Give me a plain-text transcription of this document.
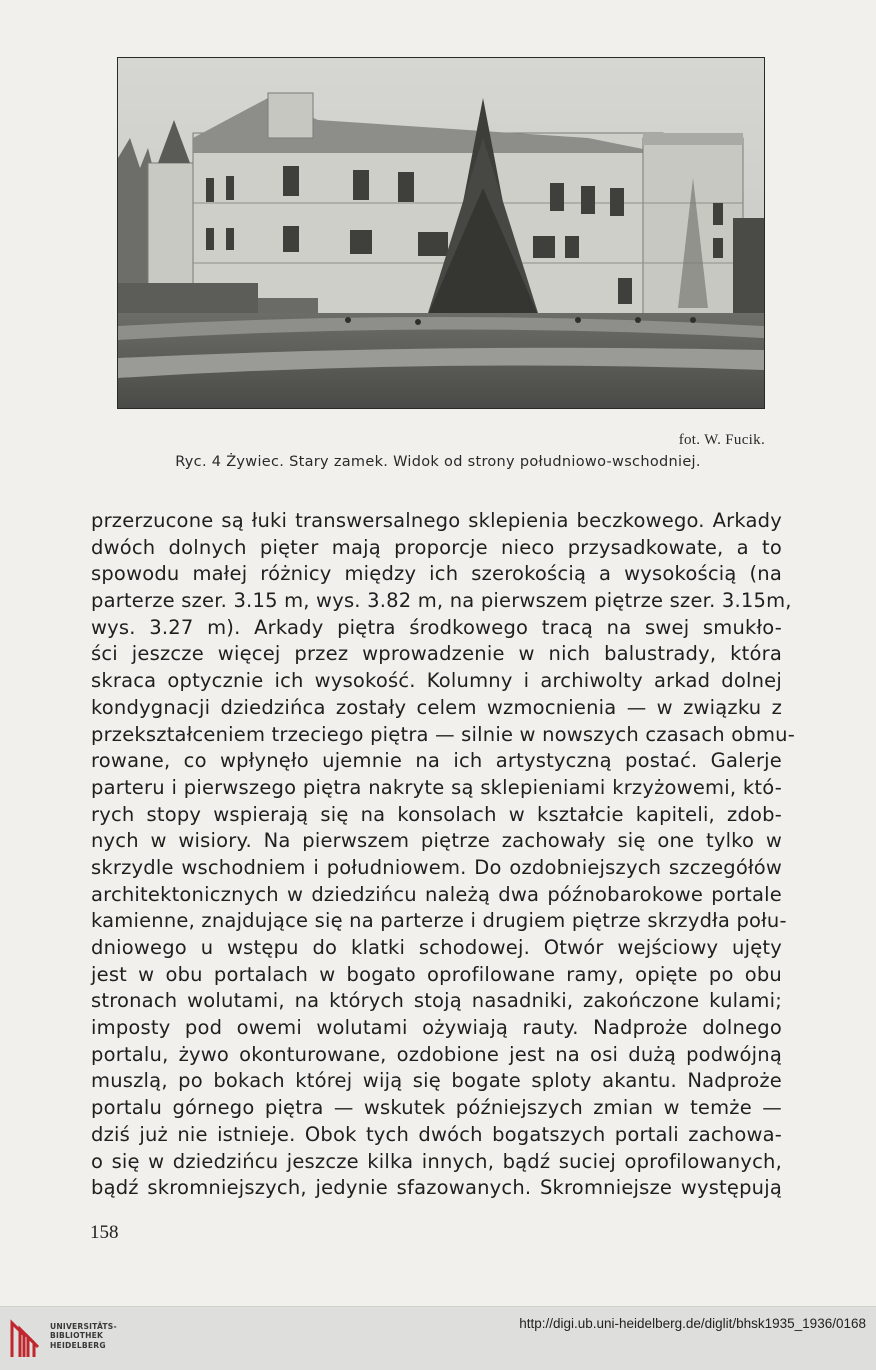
fot. W. Fucik.
Ryc. 4 Żywiec. Stary zamek. Widok od strony południowo-wschodniej.
przerzucone są łuki transwersalnego sklepienia beczkowego. Arkady
dwóch dolnych pięter mają proporcje nieco przysadkowate, a to
spowodu małej różnicy między ich szerokością a wysokością (na
parterze szer. 3.15 m, wys. 3.82 m, na pierwszem piętrze szer. 3.15m,
wys. 3.27 m). Arkady piętra środkowego tracą na swej smukło-
ści jeszcze więcej przez wprowadzenie w nich balustrady, która
skraca optycznie ich wysokość. Kolumny i archiwolty arkad dolnej
kondygnacji dziedzińca zostały celem wzmocnienia — w związku z
przekształceniem trzeciego piętra — silnie w nowszych czasach obmu-
rowane, co wpłynęło ujemnie na ich artystyczną postać. Galerje
parteru i pierwszego piętra nakryte są sklepieniami krzyżowemi, któ-
rych stopy wspierają się na konsolach w kształcie kapiteli, zdob-
nych w wisiory. Na pierwszem piętrze zachowały się one tylko w
skrzydle wschodniem i południowem. Do ozdobniejszych szczegółów
architektonicznych w dziedzińcu należą dwa późnobarokowe portale
kamienne, znajdujące się na parterze i drugiem piętrze skrzydła połu-
dniowego u wstępu do klatki schodowej. Otwór wejściowy ujęty
jest w obu portalach w bogato oprofilowane ramy, opięte po obu
stronach wolutami, na których stoją nasadniki, zakończone kulami;
imposty pod owemi wolutami ożywiają rauty. Nadproże dolnego
portalu, żywo okonturowane, ozdobione jest na osi dużą podwójną
muszlą, po bokach której wiją się bogate sploty akantu. Nadproże
portalu górnego piętra — wskutek późniejszych zmian w temże —
dziś już nie istnieje. Obok tych dwóch bogatszych portali zachowa-
o się w dziedzińcu jeszcze kilka innych, bądź suciej oprofilowanych,
bądź skromniejszych, jedynie sfazowanych. Skromniejsze występują
158
UNIVERSITÄTS-
BIBLIOTHEK
HEIDELBERG
http://digi.ub.uni-heidelberg.de/diglit/bhsk1935_1936/0168
